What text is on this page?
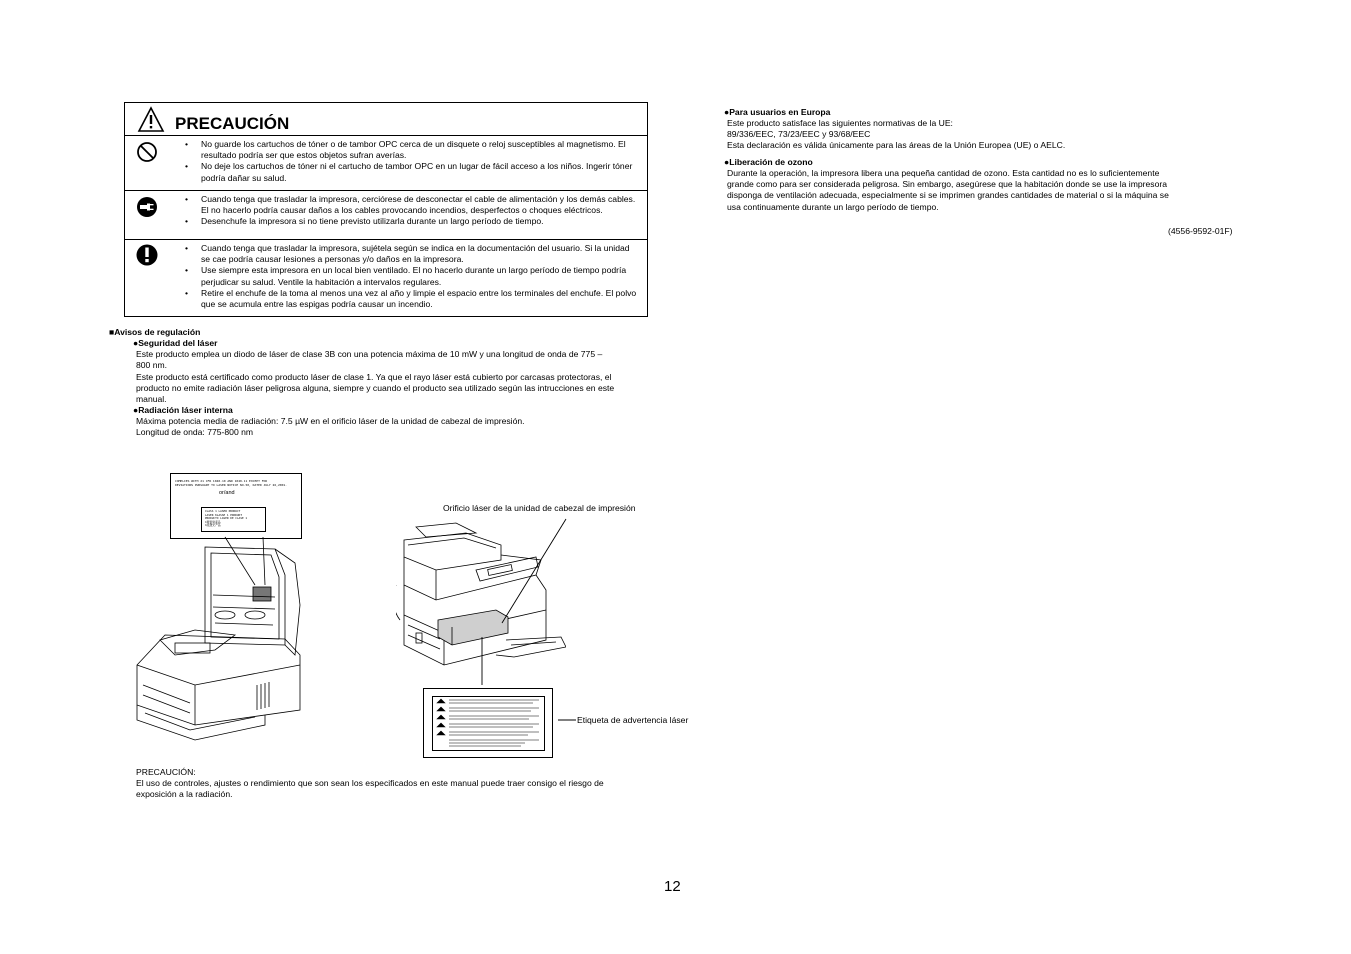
PRECAUCIÓN
• No guarde los cartuchos de tóner o de tambor OPC cerca de un disquete o reloj susceptibles al magnetismo. El resultado podría ser que estos objetos sufran averías.
• No deje los cartuchos de tóner ni el cartucho de tambor OPC en un lugar de fácil acceso a los niños. Ingerir tóner podría dañar su salud.
• Cuando tenga que trasladar la impresora, cerciórese de desconectar el cable de alimentación y los demás cables. El no hacerlo podría causar daños a los cables provocando incendios, desperfectos o choques eléctricos.
• Desenchufe la impresora si no tiene previsto utilizarla durante un largo período de tiempo.
• Cuando tenga que trasladar la impresora, sujétela según se indica en la documentación del usuario. Si la unidad se cae podría causar lesiones a personas y/o daños en la impresora.
• Use siempre esta impresora en un local bien ventilado. El no hacerlo durante un largo período de tiempo podría perjudicar su salud. Ventile la habitación a intervalos regulares.
• Retire el enchufe de la toma al menos una vez al año y limpie el espacio entre los terminales del enchufe. El polvo que se acumula entre las espigas podría causar un incendio.
■Avisos de regulación
●Seguridad del láser
Este producto emplea un diodo de láser de clase 3B con una potencia máxima de 10 mW y una longitud de onda de 775 –
800 nm.
Este producto está certificado como producto láser de clase 1. Ya que el rayo láser está cubierto por carcasas protectoras, el
producto no emite radiación láser peligrosa alguna, siempre y cuando el producto sea utilizado según las intrucciones en este
manual.
●Radiación láser interna
Máxima potencia media de radiación: 7.5 µW en el orificio láser de la unidad de cabezal de impresión.
Longitud de onda: 775-800 nm
COMPLIES WITH 21 CFR 1040.10 AND 1040.11 EXCEPT FOR
DEVIATIONS PURSUANT TO LASER NOTICE NO.50, DATED JULY 26,2001.
or/and
CLASS 1 LASER PRODUCT
LASER KLASSE 1 PRODUKT
PRODUCTO LASER DE CLASE 1
1類雷射產品
1级激光产品
Orificio láser de la unidad de cabezal de impresión
Etiqueta de advertencia láser
PRECAUCIÓN:
El uso de controles, ajustes o rendimiento que son sean los especificados en este manual puede traer consigo el riesgo de
exposición a la radiación.
●Para usuarios en Europa
Este producto satisface las siguientes normativas de la UE:
89/336/EEC, 73/23/EEC y 93/68/EEC
Esta declaración es válida únicamente para las áreas de la Unión Europea (UE) o AELC.
●Liberación de ozono
Durante la operación, la impresora libera una pequeña cantidad de ozono. Esta cantidad no es lo suficientemente
grande como para ser considerada peligrosa. Sin embargo, asegúrese que la habitación donde se use la impresora
disponga de ventilación adecuada, especialmente si se imprimen grandes cantidades de material o si la máquina se
usa continuamente durante un largo período de tiempo.
(4556-9592-01F)
12
